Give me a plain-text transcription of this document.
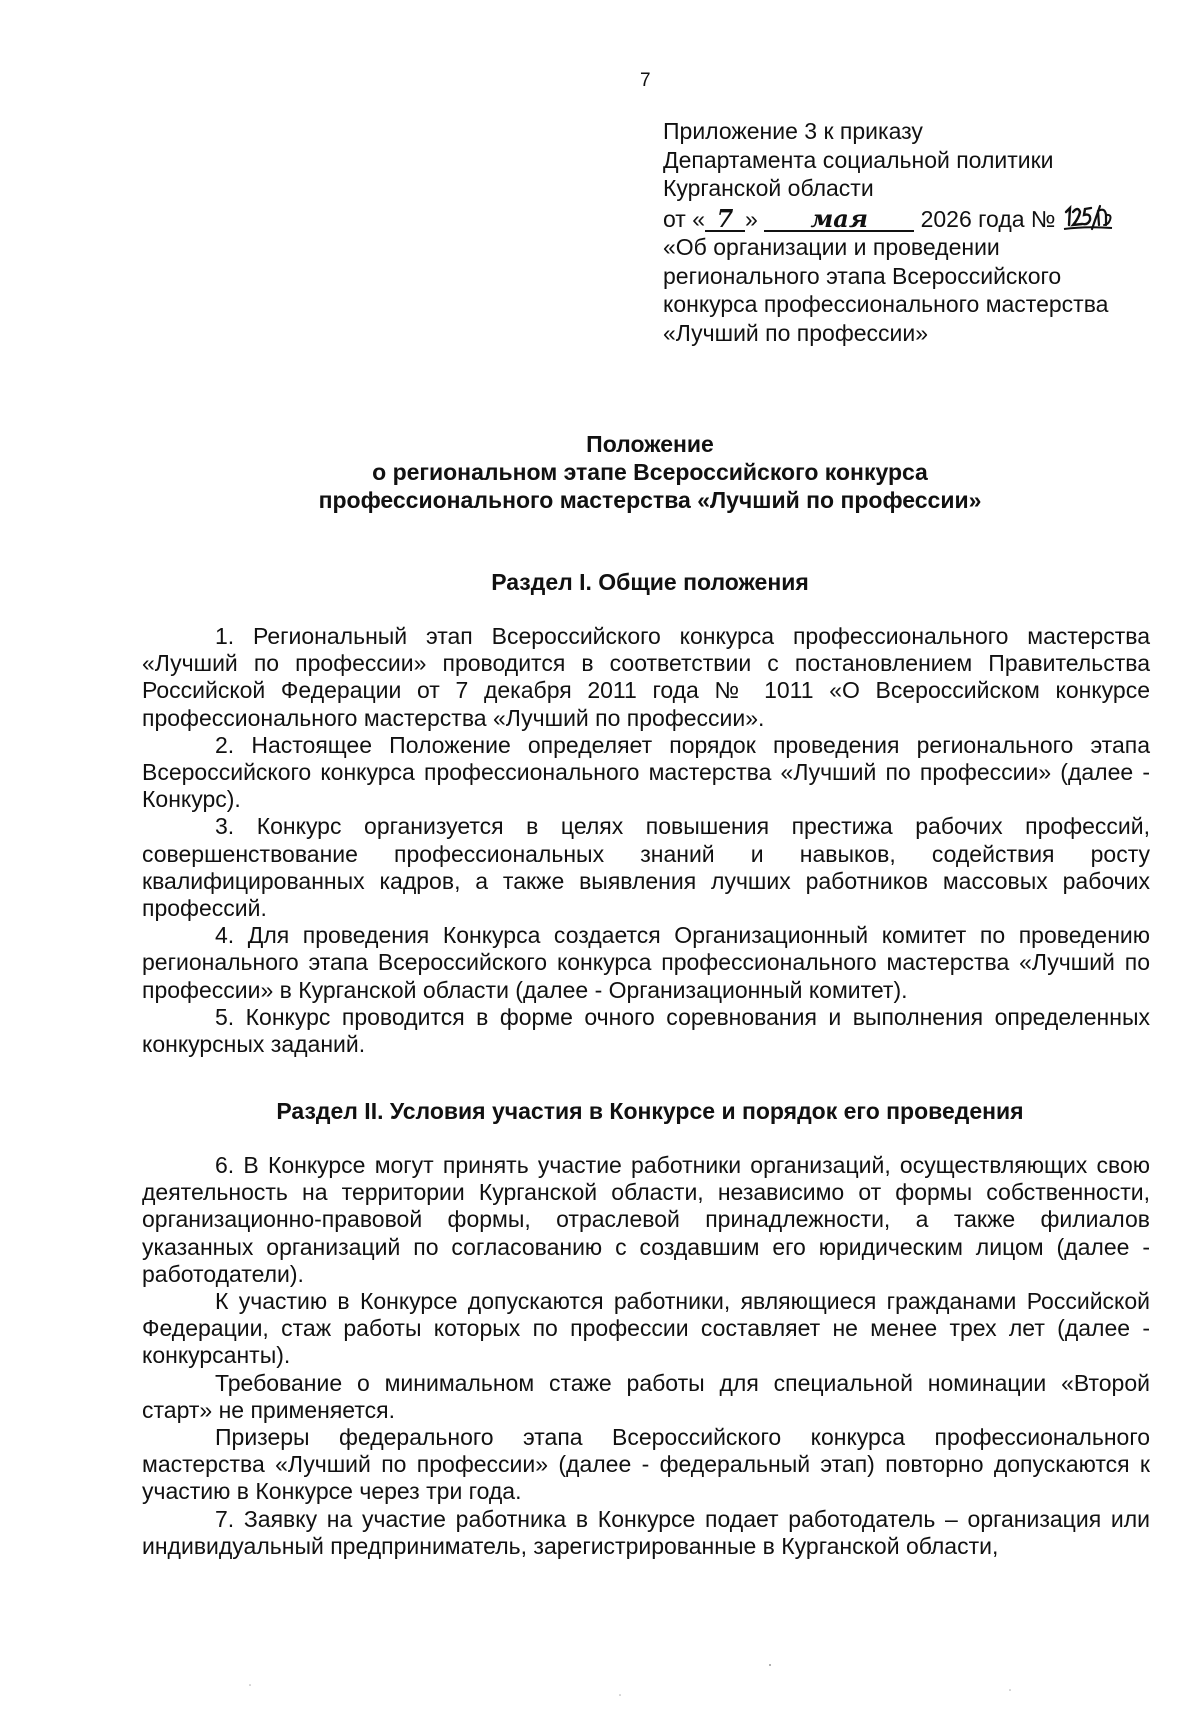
7
Приложение 3 к приказу
Департамента социальной политики
Курганской области
от « 7 » мая 2026 года №
«Об организации и проведении
регионального этапа Всероссийского
конкурса профессионального мастерства
«Лучший по профессии»
Положение
о региональном этапе Всероссийского конкурса
профессионального мастерства «Лучший по профессии»
Раздел I. Общие положения

1. Региональный этап Всероссийского конкурса профессионального мастерства «Лучший по профессии» проводится в соответствии с постановлением Правительства Российской Федерации от 7 декабря 2011 года № 1011 «О Всероссийском конкурсе профессионального мастерства «Лучший по профессии».

2. Настоящее Положение определяет порядок проведения регионального этапа Всероссийского конкурса профессионального мастерства «Лучший по профессии» (далее - Конкурс).

3. Конкурс организуется в целях повышения престижа рабочих профессий, совершенствование профессиональных знаний и навыков, содействия росту квалифицированных кадров, а также выявления лучших работников массовых рабочих профессий.

4. Для проведения Конкурса создается Организационный комитет по проведению регионального этапа Всероссийского конкурса профессионального мастерства «Лучший по профессии» в Курганской области (далее - Организационный комитет).

5. Конкурс проводится в форме очного соревнования и выполнения определенных конкурсных заданий.

Раздел II. Условия участия в Конкурсе и порядок его проведения

6. В Конкурсе могут принять участие работники организаций, осуществляющих свою деятельность на территории Курганской области, независимо от формы собственности, организационно-правовой формы, отраслевой принадлежности, а также филиалов указанных организаций по согласованию с создавшим его юридическим лицом (далее - работодатели).

К участию в Конкурсе допускаются работники, являющиеся гражданами Российской Федерации, стаж работы которых по профессии составляет не менее трех лет (далее - конкурсанты).

Требование о минимальном стаже работы для специальной номинации «Второй старт» не применяется.

Призеры федерального этапа Всероссийского конкурса профессионального мастерства «Лучший по профессии» (далее - федеральный этап) повторно допускаются к участию в Конкурсе через три года.

7. Заявку на участие работника в Конкурсе подает работодатель – организация или индивидуальный предприниматель, зарегистрированные в Курганской области,
